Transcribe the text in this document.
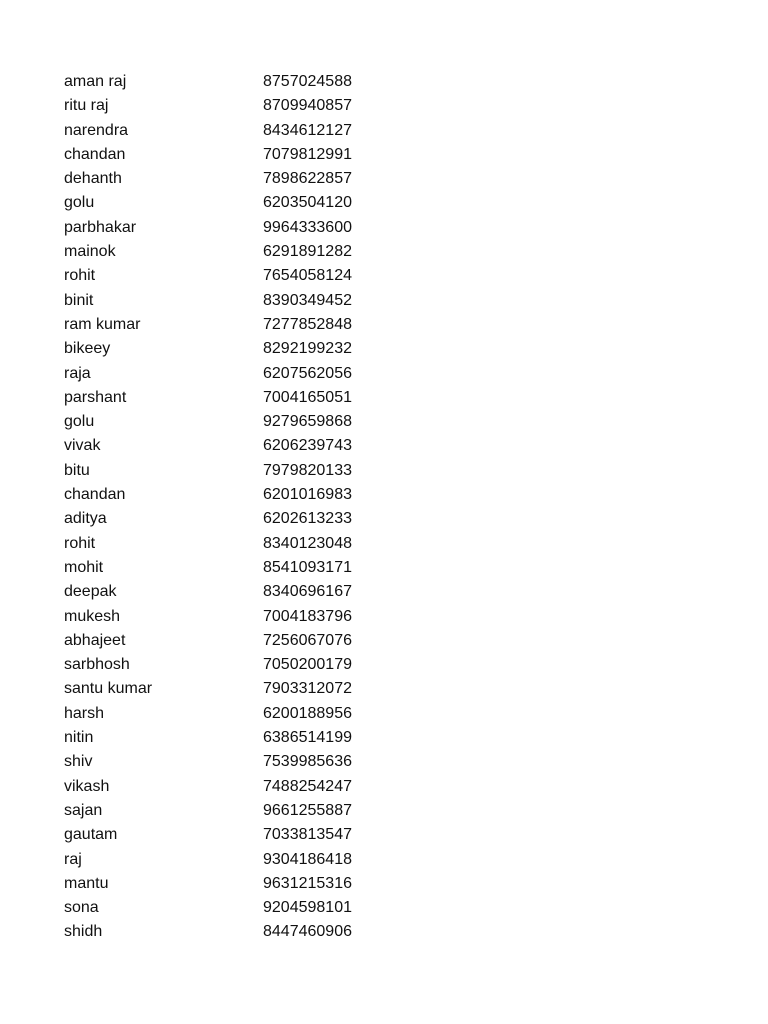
aman raj	8757024588
ritu raj	8709940857
narendra	8434612127
chandan	7079812991
dehanth	7898622857
golu	6203504120
parbhakar	9964333600
mainok	6291891282
rohit	7654058124
binit	8390349452
ram kumar	7277852848
bikeey	8292199232
raja	6207562056
parshant	7004165051
golu	9279659868
vivak	6206239743
bitu	7979820133
chandan	6201016983
aditya	6202613233
rohit	8340123048
mohit	8541093171
deepak	8340696167
mukesh	7004183796
abhajeet	7256067076
sarbhosh	7050200179
santu kumar	7903312072
harsh	6200188956
nitin	6386514199
shiv	7539985636
vikash	7488254247
sajan	9661255887
gautam	7033813547
raj	9304186418
mantu	9631215316
sona	9204598101
shidh	8447460906
